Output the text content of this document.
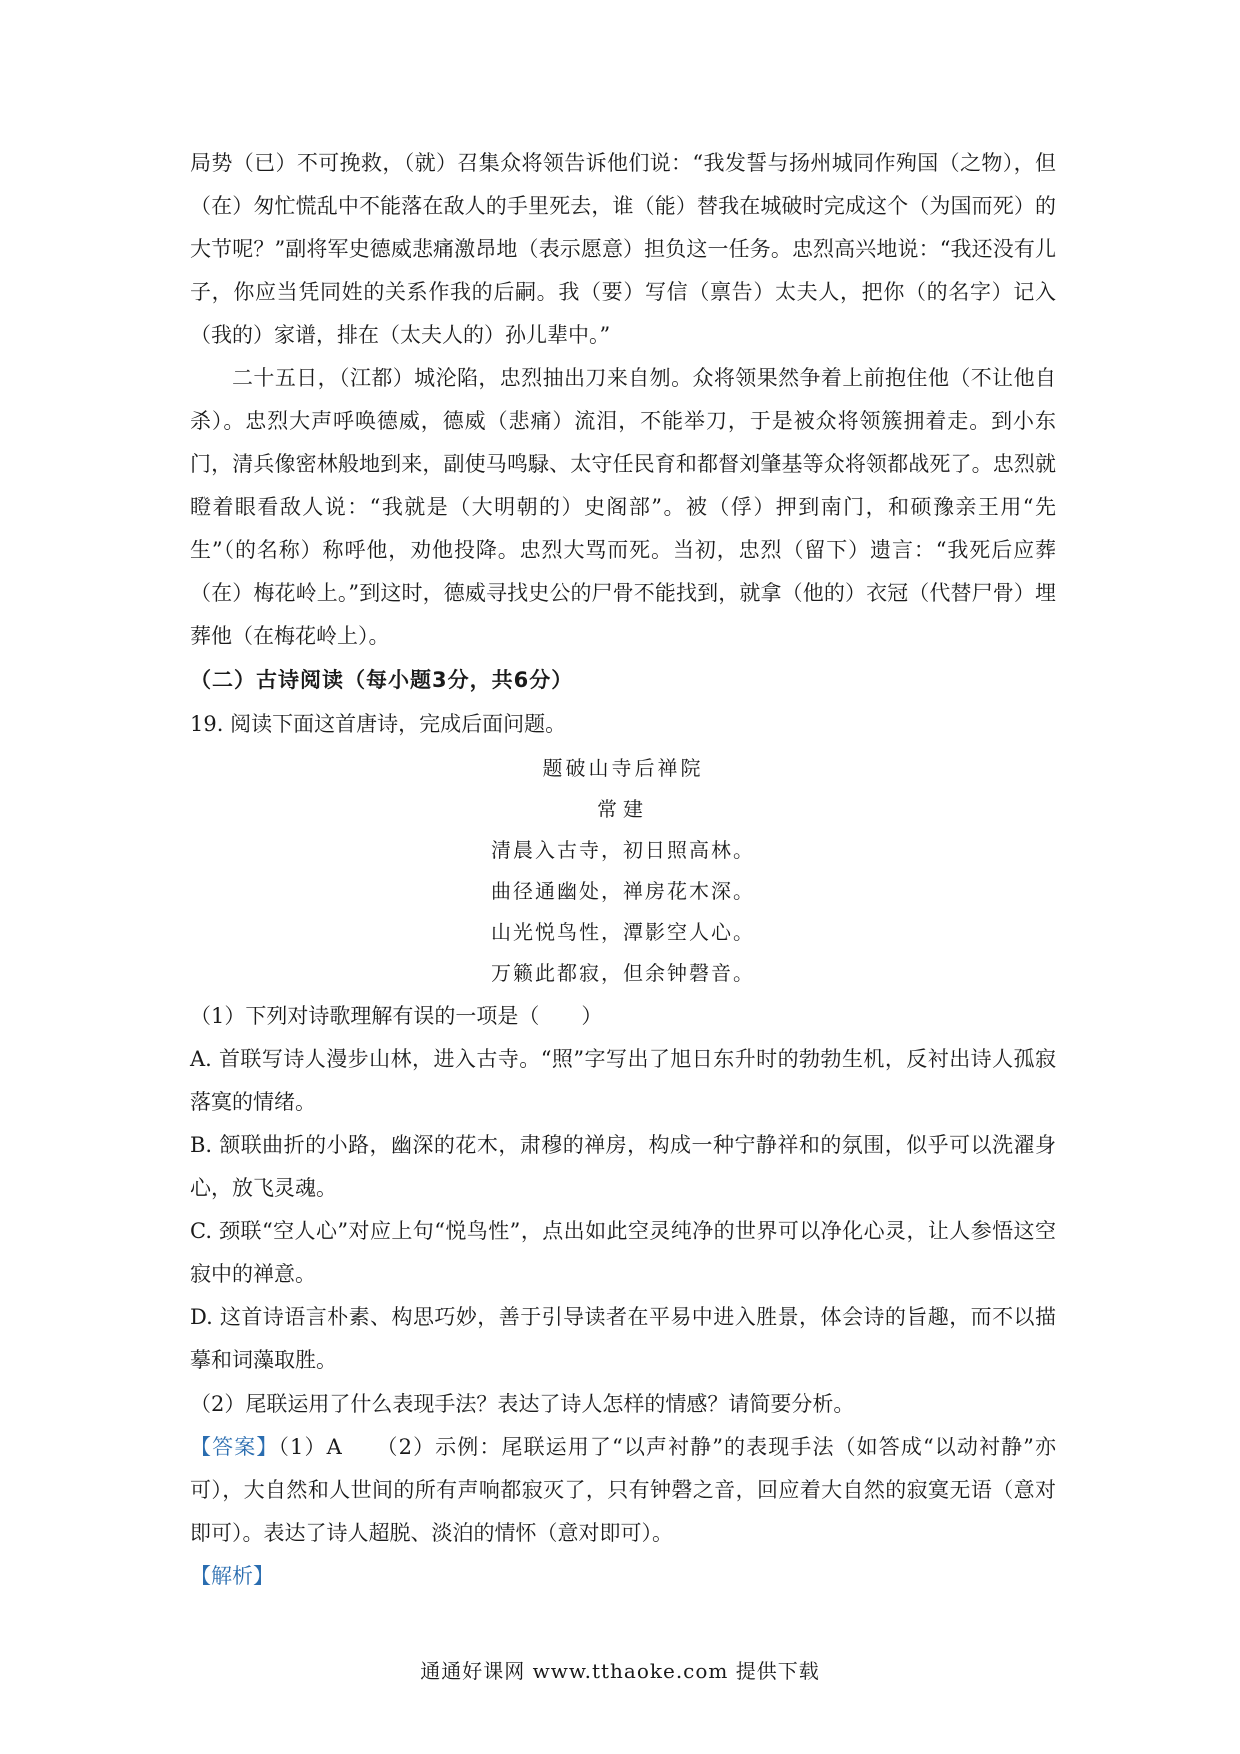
局势（已）不可挽救，（就）召集众将领告诉他们说：“我发誓与扬州城同作殉国（之物），但（在）匆忙慌乱中不能落在敌人的手里死去，谁（能）替我在城破时完成这个（为国而死）的大节呢？”副将军史德威悲痛激昂地（表示愿意）担负这一任务。忠烈高兴地说：“我还没有儿子，你应当凭同姓的关系作我的后嗣。我（要）写信（禀告）太夫人，把你（的名字）记入（我的）家谱，排在（太夫人的）孙儿辈中。”

二十五日，（江都）城沦陷，忠烈抽出刀来自刎。众将领果然争着上前抱住他（不让他自杀）。忠烈大声呼唤德威，德威（悲痛）流泪，不能举刀，于是被众将领簇拥着走。到小东门，清兵像密林般地到来，副使马鸣騄、太守任民育和都督刘肇基等众将领都战死了。忠烈就瞪着眼看敌人说：“我就是（大明朝的）史阁部”。被（俘）押到南门，和硕豫亲王用“先生”（的名称）称呼他，劝他投降。忠烈大骂而死。当初，忠烈（留下）遗言：“我死后应葬（在）梅花岭上。”到这时，德威寻找史公的尸骨不能找到，就拿（他的）衣冠（代替尸骨）埋葬他（在梅花岭上）。

（二）古诗阅读（每小题3分，共6分）

19. 阅读下面这首唐诗，完成后面问题。

题破山寺后禅院

常建

清晨入古寺，初日照高林。

曲径通幽处，禅房花木深。

山光悦鸟性，潭影空人心。

万籁此都寂，但余钟磬音。

（1）下列对诗歌理解有误的一项是（　　）

A. 首联写诗人漫步山林，进入古寺。“照”字写出了旭日东升时的勃勃生机，反衬出诗人孤寂落寞的情绪。

B. 颔联曲折的小路，幽深的花木，肃穆的禅房，构成一种宁静祥和的氛围，似乎可以洗濯身心，放飞灵魂。

C. 颈联“空人心”对应上句“悦鸟性”，点出如此空灵纯净的世界可以净化心灵，让人参悟这空寂中的禅意。

D. 这首诗语言朴素、构思巧妙，善于引导读者在平易中进入胜景，体会诗的旨趣，而不以描摹和词藻取胜。

（2）尾联运用了什么表现手法？表达了诗人怎样的情感？请简要分析。

【答案】（1）A　　（2）示例：尾联运用了“以声衬静”的表现手法（如答成“以动衬静”亦可），大自然和人世间的所有声响都寂灭了，只有钟磬之音，回应着大自然的寂寞无语（意对即可）。表达了诗人超脱、淡泊的情怀（意对即可）。

【解析】

通通好课网 www.tthaoke.com 提供下载
